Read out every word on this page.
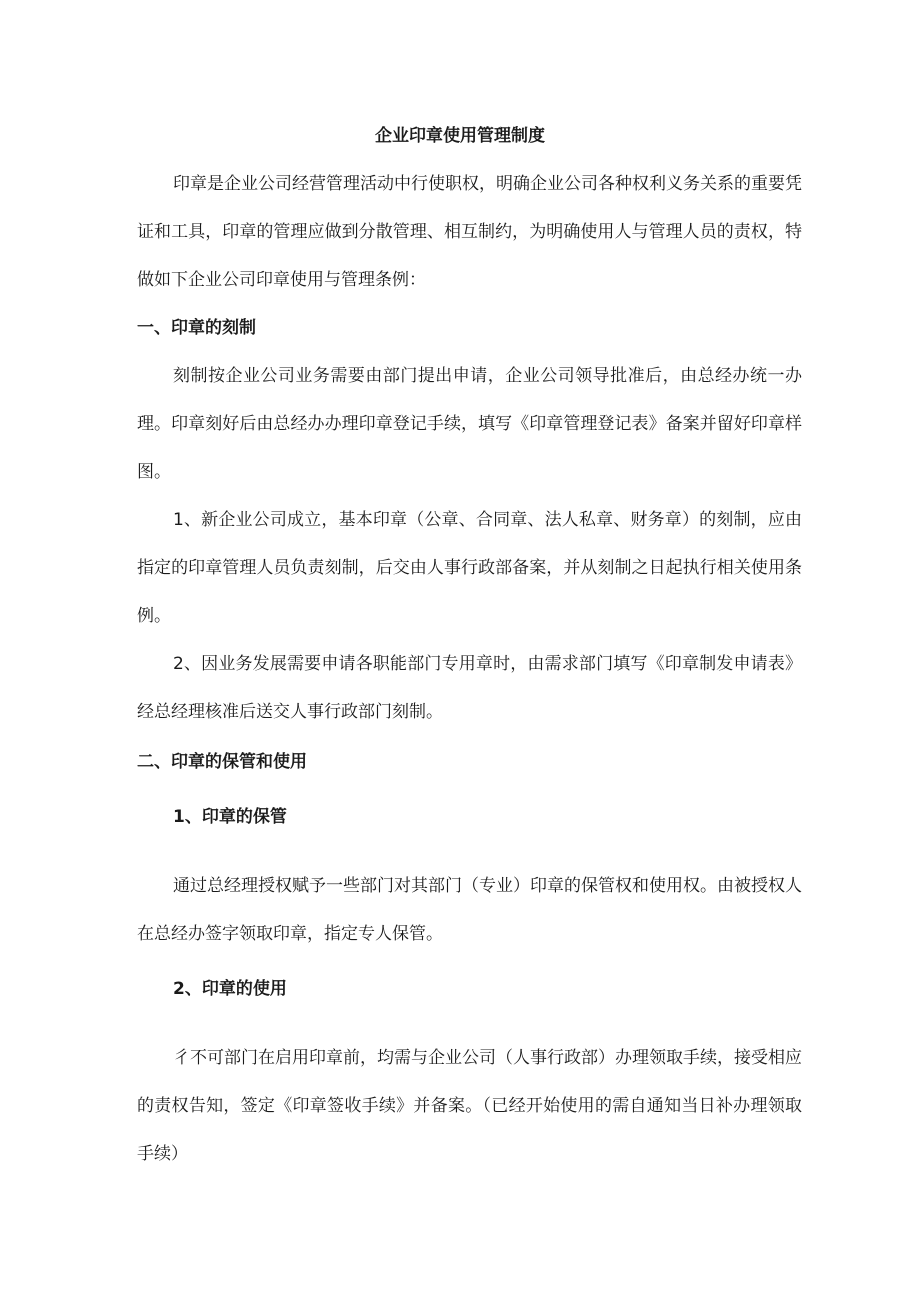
企业印章使用管理制度

印章是企业公司经营管理活动中行使职权，明确企业公司各种权利义务关系的重要凭证和工具，印章的管理应做到分散管理、相互制约，为明确使用人与管理人员的责权，特做如下企业公司印章使用与管理条例：

一、印章的刻制

刻制按企业公司业务需要由部门提出申请，企业公司领导批准后，由总经办统一办理。印章刻好后由总经办办理印章登记手续，填写《印章管理登记表》备案并留好印章样图。

1、新企业公司成立，基本印章（公章、合同章、法人私章、财务章）的刻制，应由指定的印章管理人员负责刻制，后交由人事行政部备案，并从刻制之日起执行相关使用条例。

2、因业务发展需要申请各职能部门专用章时，由需求部门填写《印章制发申请表》经总经理核准后送交人事行政部门刻制。

二、印章的保管和使用
1、印章的保管

通过总经理授权赋予一些部门对其部门（专业）印章的保管权和使用权。由被授权人在总经办签字领取印章，指定专人保管。

2、印章的使用

彳不可部门在启用印章前，均需与企业公司（人事行政部）办理领取手续，接受相应的责权告知，签定《印章签收手续》并备案。（已经开始使用的需自通知当日补办理领取手续）
